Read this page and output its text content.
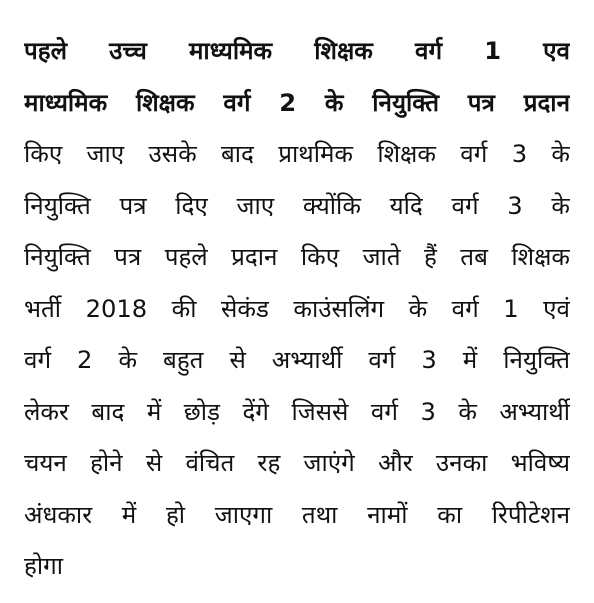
पहले उच्च माध्यमिक शिक्षक वर्ग 1 एव
माध्यमिक शिक्षक वर्ग 2 के नियुक्ति पत्र प्रदान
किए जाए उसके बाद प्राथमिक शिक्षक वर्ग 3 के
नियुक्ति पत्र दिए जाए क्योंकि यदि वर्ग 3 के
नियुक्ति पत्र पहले प्रदान किए जाते हैं तब शिक्षक
भर्ती 2018 की सेकंड काउंसलिंग के वर्ग 1 एवं
वर्ग 2 के बहुत से अभ्यार्थी वर्ग 3 में नियुक्ति
लेकर बाद में छोड़ देंगे जिससे वर्ग 3 के अभ्यार्थी
चयन होने से वंचित रह जाएंगे और उनका भविष्य
अंधकार में हो जाएगा तथा नामों का रिपीटेशन
होगा
